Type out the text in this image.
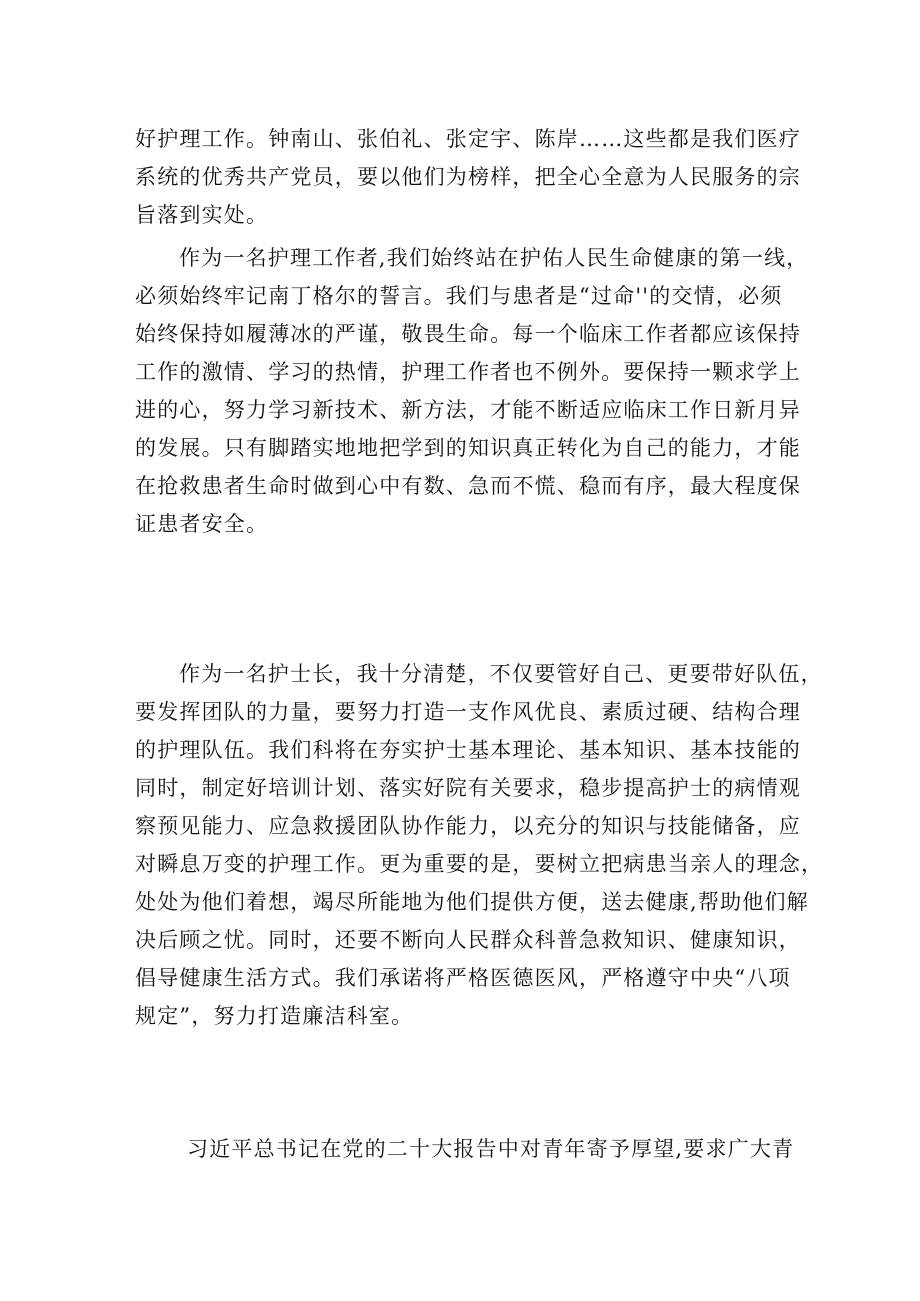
好护理工作。钟南山、张伯礼、张定宇、陈岸……这些都是我们医疗
系统的优秀共产党员，要以他们为榜样，把全心全意为人民服务的宗
旨落到实处。
作为一名护理工作者,我们始终站在护佑人民生命健康的第一线，
必须始终牢记南丁格尔的誓言。我们与患者是“过命''的交情，必须
始终保持如履薄冰的严谨，敬畏生命。每一个临床工作者都应该保持
工作的激情、学习的热情，护理工作者也不例外。要保持一颗求学上
进的心，努力学习新技术、新方法，才能不断适应临床工作日新月异
的发展。只有脚踏实地地把学到的知识真正转化为自己的能力，才能
在抢救患者生命时做到心中有数、急而不慌、稳而有序，最大程度保
证患者安全。
作为一名护士长，我十分清楚，不仅要管好自己、更要带好队伍，
要发挥团队的力量，要努力打造一支作风优良、素质过硬、结构合理
的护理队伍。我们科将在夯实护士基本理论、基本知识、基本技能的
同时，制定好培训计划、落实好院有关要求，稳步提高护士的病情观
察预见能力、应急救援团队协作能力，以充分的知识与技能储备，应
对瞬息万变的护理工作。更为重要的是，要树立把病患当亲人的理念，
处处为他们着想，竭尽所能地为他们提供方便，送去健康,帮助他们解
决后顾之忧。同时，还要不断向人民群众科普急救知识、健康知识，
倡导健康生活方式。我们承诺将严格医德医风，严格遵守中央“八项
规定”，努力打造廉洁科室。
习近平总书记在党的二十大报告中对青年寄予厚望,要求广大青
